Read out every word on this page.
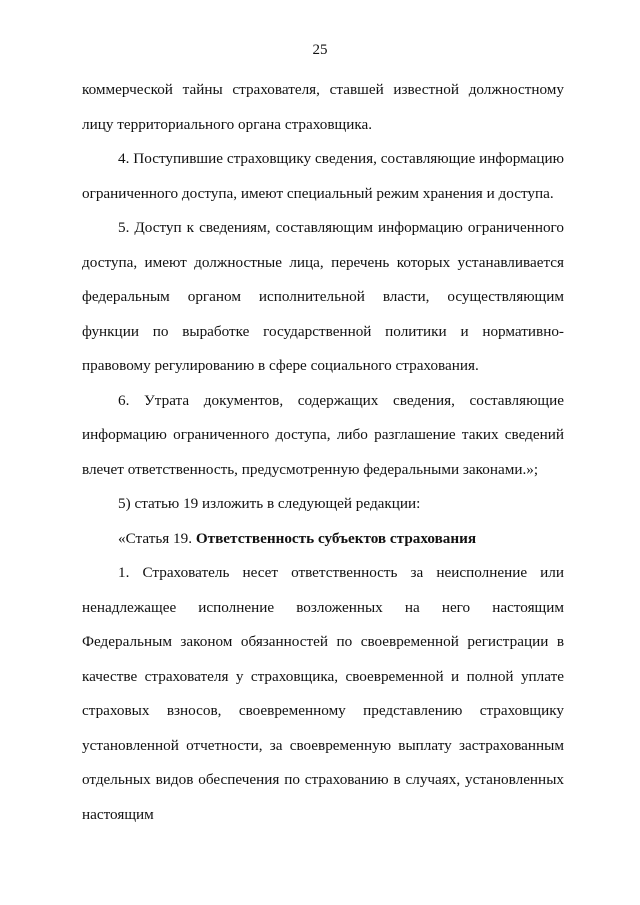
25

коммерческой тайны страхователя, ставшей известной должностному лицу территориального органа страховщика.

4. Поступившие страховщику сведения, составляющие информацию ограниченного доступа, имеют специальный режим хранения и доступа.

5. Доступ к сведениям, составляющим информацию ограниченного доступа, имеют должностные лица, перечень которых устанавливается федеральным органом исполнительной власти, осуществляющим функции по выработке государственной политики и нормативно-правовому регулированию в сфере социального страхования.

6. Утрата документов, содержащих сведения, составляющие информацию ограниченного доступа, либо разглашение таких сведений влечет ответственность, предусмотренную федеральными законами.»;

5) статью 19 изложить в следующей редакции:

«Статья 19. Ответственность субъектов страхования

1. Страхователь несет ответственность за неисполнение или ненадлежащее исполнение возложенных на него настоящим Федеральным законом обязанностей по своевременной регистрации в качестве страхователя у страховщика, своевременной и полной уплате страховых взносов, своевременному представлению страховщику установленной отчетности, за своевременную выплату застрахованным отдельных видов обеспечения по страхованию в случаях, установленных настоящим
